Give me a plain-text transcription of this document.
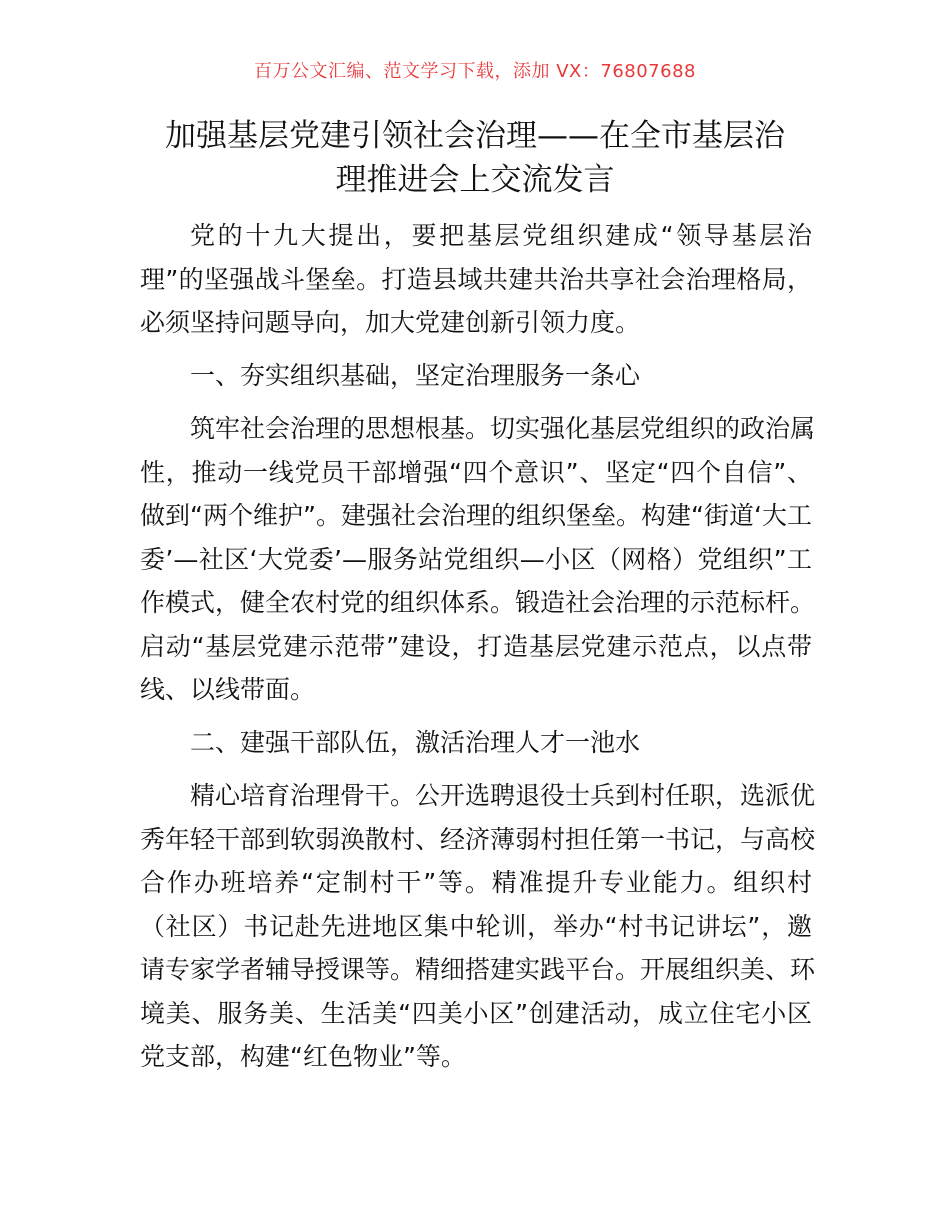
百万公文汇编、范文学习下载，添加 VX：76807688
加强基层党建引领社会治理——在全市基层治
理推进会上交流发言
党的十九大提出，要把基层党组织建成“领导基层治
理”的坚强战斗堡垒。打造县域共建共治共享社会治理格局，
必须坚持问题导向，加大党建创新引领力度。
一、夯实组织基础，坚定治理服务一条心
筑牢社会治理的思想根基。切实强化基层党组织的政治属
性，推动一线党员干部增强“四个意识”、坚定“四个自信”、
做到“两个维护”。建强社会治理的组织堡垒。构建“街道‘大工
委’—社区‘大党委’—服务站党组织—小区（网格）党组织”工
作模式，健全农村党的组织体系。锻造社会治理的示范标杆。
启动“基层党建示范带”建设，打造基层党建示范点，以点带
线、以线带面。
二、建强干部队伍，激活治理人才一池水
精心培育治理骨干。公开选聘退役士兵到村任职，选派优
秀年轻干部到软弱涣散村、经济薄弱村担任第一书记，与高校
合作办班培养“定制村干”等。精准提升专业能力。组织村
（社区）书记赴先进地区集中轮训，举办“村书记讲坛”，邀
请专家学者辅导授课等。精细搭建实践平台。开展组织美、环
境美、服务美、生活美“四美小区”创建活动，成立住宅小区
党支部，构建“红色物业”等。
